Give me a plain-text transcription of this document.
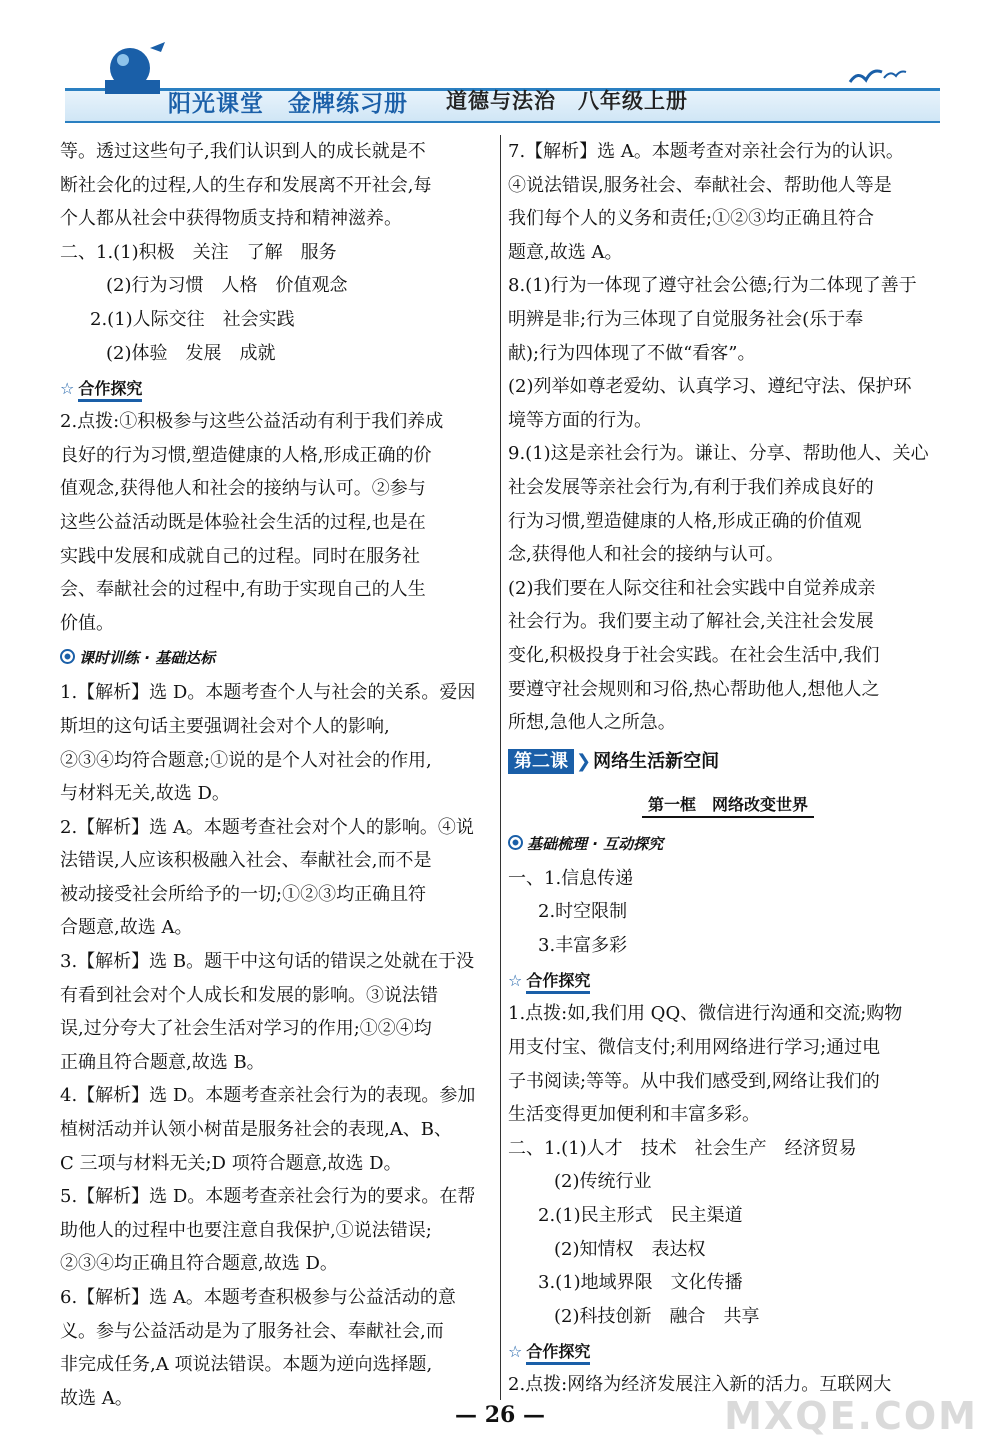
阳光课堂　金牌练习册 道德与法治　八年级上册

等。透过这些句子,我们认识到人的成长就是不

断社会化的过程,人的生存和发展离不开社会,每

个人都从社会中获得物质支持和精神滋养。

二、1.(1)积极　关注　了解　服务

(2)行为习惯　人格　价值观念

2.(1)人际交往　社会实践

(2)体验　发展　成就

☆ 合作探究

2.点拨:①积极参与这些公益活动有利于我们养成

良好的行为习惯,塑造健康的人格,形成正确的价

值观念,获得他人和社会的接纳与认可。②参与

这些公益活动既是体验社会生活的过程,也是在

实践中发展和成就自己的过程。同时在服务社

会、奉献社会的过程中,有助于实现自己的人生

价值。

课时训练 · 基础达标

1.【解析】选 D。本题考查个人与社会的关系。爱因

斯坦的这句话主要强调社会对个人的影响,

②③④均符合题意;①说的是个人对社会的作用,

与材料无关,故选 D。

2.【解析】选 A。本题考查社会对个人的影响。④说

法错误,人应该积极融入社会、奉献社会,而不是

被动接受社会所给予的一切;①②③均正确且符

合题意,故选 A。

3.【解析】选 B。题干中这句话的错误之处就在于没

有看到社会对个人成长和发展的影响。③说法错

误,过分夸大了社会生活对学习的作用;①②④均

正确且符合题意,故选 B。

4.【解析】选 D。本题考查亲社会行为的表现。参加

植树活动并认领小树苗是服务社会的表现,A、B、

C 三项与材料无关;D 项符合题意,故选 D。

5.【解析】选 D。本题考查亲社会行为的要求。在帮

助他人的过程中也要注意自我保护,①说法错误;

②③④均正确且符合题意,故选 D。

6.【解析】选 A。本题考查积极参与公益活动的意

义。参与公益活动是为了服务社会、奉献社会,而

非完成任务,A 项说法错误。本题为逆向选择题,

故选 A。

7.【解析】选 A。本题考查对亲社会行为的认识。

④说法错误,服务社会、奉献社会、帮助他人等是

我们每个人的义务和责任;①②③均正确且符合

题意,故选 A。

8.(1)行为一体现了遵守社会公德;行为二体现了善于

明辨是非;行为三体现了自觉服务社会(乐于奉

献);行为四体现了不做“看客”。

(2)列举如尊老爱幼、认真学习、遵纪守法、保护环

境等方面的行为。

9.(1)这是亲社会行为。谦让、分享、帮助他人、关心

社会发展等亲社会行为,有利于我们养成良好的

行为习惯,塑造健康的人格,形成正确的价值观

念,获得他人和社会的接纳与认可。

(2)我们要在人际交往和社会实践中自觉养成亲

社会行为。我们要主动了解社会,关注社会发展

变化,积极投身于社会实践。在社会生活中,我们

要遵守社会规则和习俗,热心帮助他人,想他人之

所想,急他人之所急。

第二课 ❯ 网络生活新空间
第一框　网络改变世界
基础梳理 · 互动探究

一、1.信息传递

2.时空限制

3.丰富多彩

☆ 合作探究

1.点拨:如,我们用 QQ、微信进行沟通和交流;购物

用支付宝、微信支付;利用网络进行学习;通过电

子书阅读;等等。从中我们感受到,网络让我们的

生活变得更加便利和丰富多彩。

二、1.(1)人才　技术　社会生产　经济贸易

(2)传统行业

2.(1)民主形式　民主渠道

(2)知情权　表达权

3.(1)地域界限　文化传播

(2)科技创新　融合　共享

☆ 合作探究

2.点拨:网络为经济发展注入新的活力。互联网大

— 26 —	MXQE.COM
